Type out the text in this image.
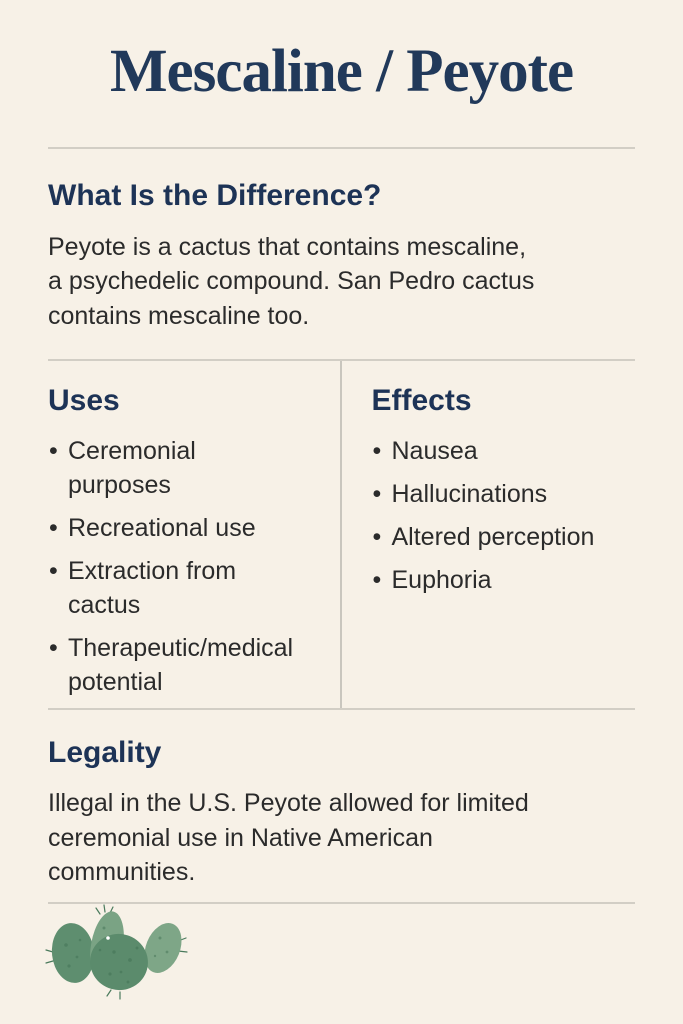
Mescaline / Peyote
What Is the Difference?

Peyote is a cactus that contains mescaline, a psychedelic compound. San Pedro cactus contains mescaline too.

Uses
• Ceremonial purposes
• Recreational use
• Extraction from cactus
• Therapeutic/medical potential
Effects
• Nausea
• Hallucinations
• Altered perception
• Euphoria
Legality

Illegal in the U.S. Peyote allowed for limited ceremonial use in Native American communities.
